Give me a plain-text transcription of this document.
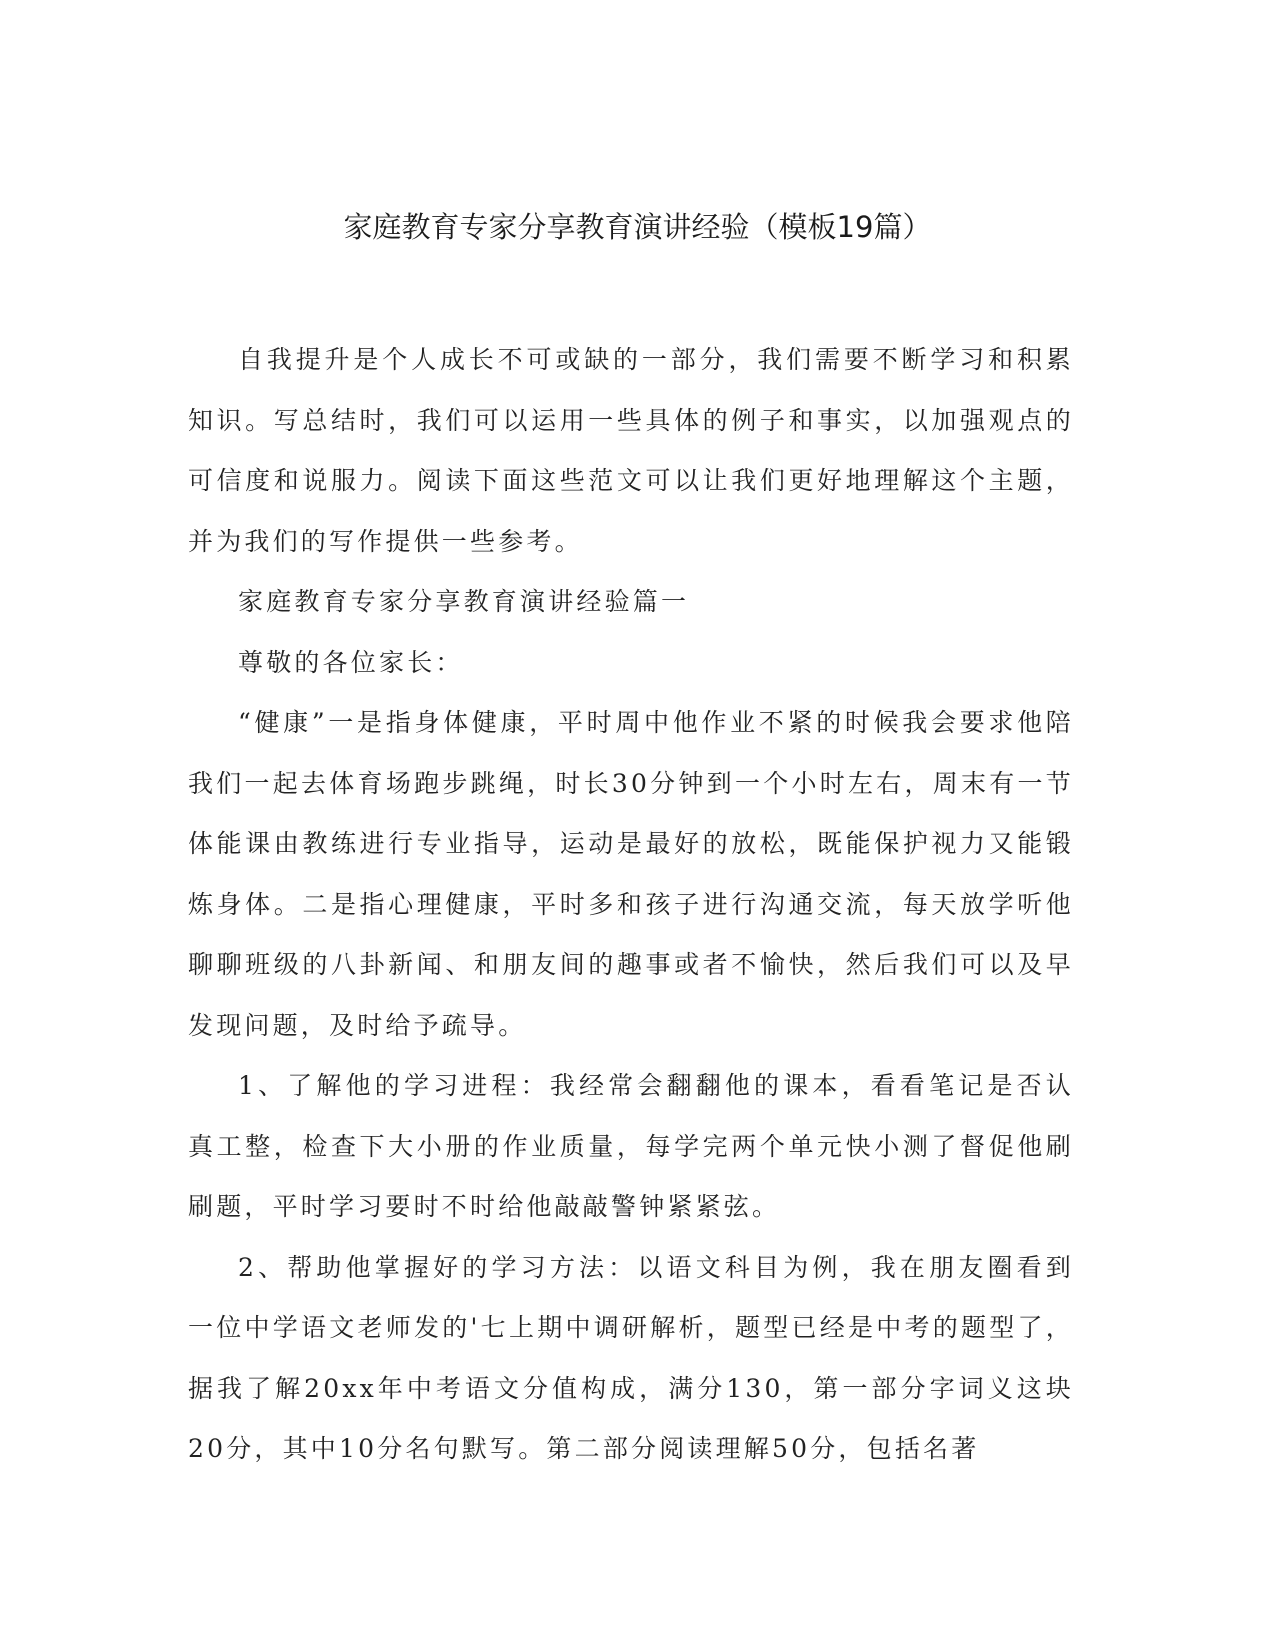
家庭教育专家分享教育演讲经验（模板19篇）

自我提升是个人成长不可或缺的一部分，我们需要不断学习和积累知识。写总结时，我们可以运用一些具体的例子和事实，以加强观点的可信度和说服力。阅读下面这些范文可以让我们更好地理解这个主题，并为我们的写作提供一些参考。

家庭教育专家分享教育演讲经验篇一

尊敬的各位家长：

“健康”一是指身体健康，平时周中他作业不紧的时候我会要求他陪我们一起去体育场跑步跳绳，时长30分钟到一个小时左右，周末有一节体能课由教练进行专业指导，运动是最好的放松，既能保护视力又能锻炼身体。二是指心理健康，平时多和孩子进行沟通交流，每天放学听他聊聊班级的八卦新闻、和朋友间的趣事或者不愉快，然后我们可以及早发现问题，及时给予疏导。

1、了解他的学习进程：我经常会翻翻他的课本，看看笔记是否认真工整，检查下大小册的作业质量，每学完两个单元快小测了督促他刷刷题，平时学习要时不时给他敲敲警钟紧紧弦。

2、帮助他掌握好的学习方法：以语文科目为例，我在朋友圈看到一位中学语文老师发的'七上期中调研解析，题型已经是中考的题型了，据我了解20xx年中考语文分值构成，满分130，第一部分字词义这块20分，其中10分名句默写。第二部分阅读理解50分，包括名著
